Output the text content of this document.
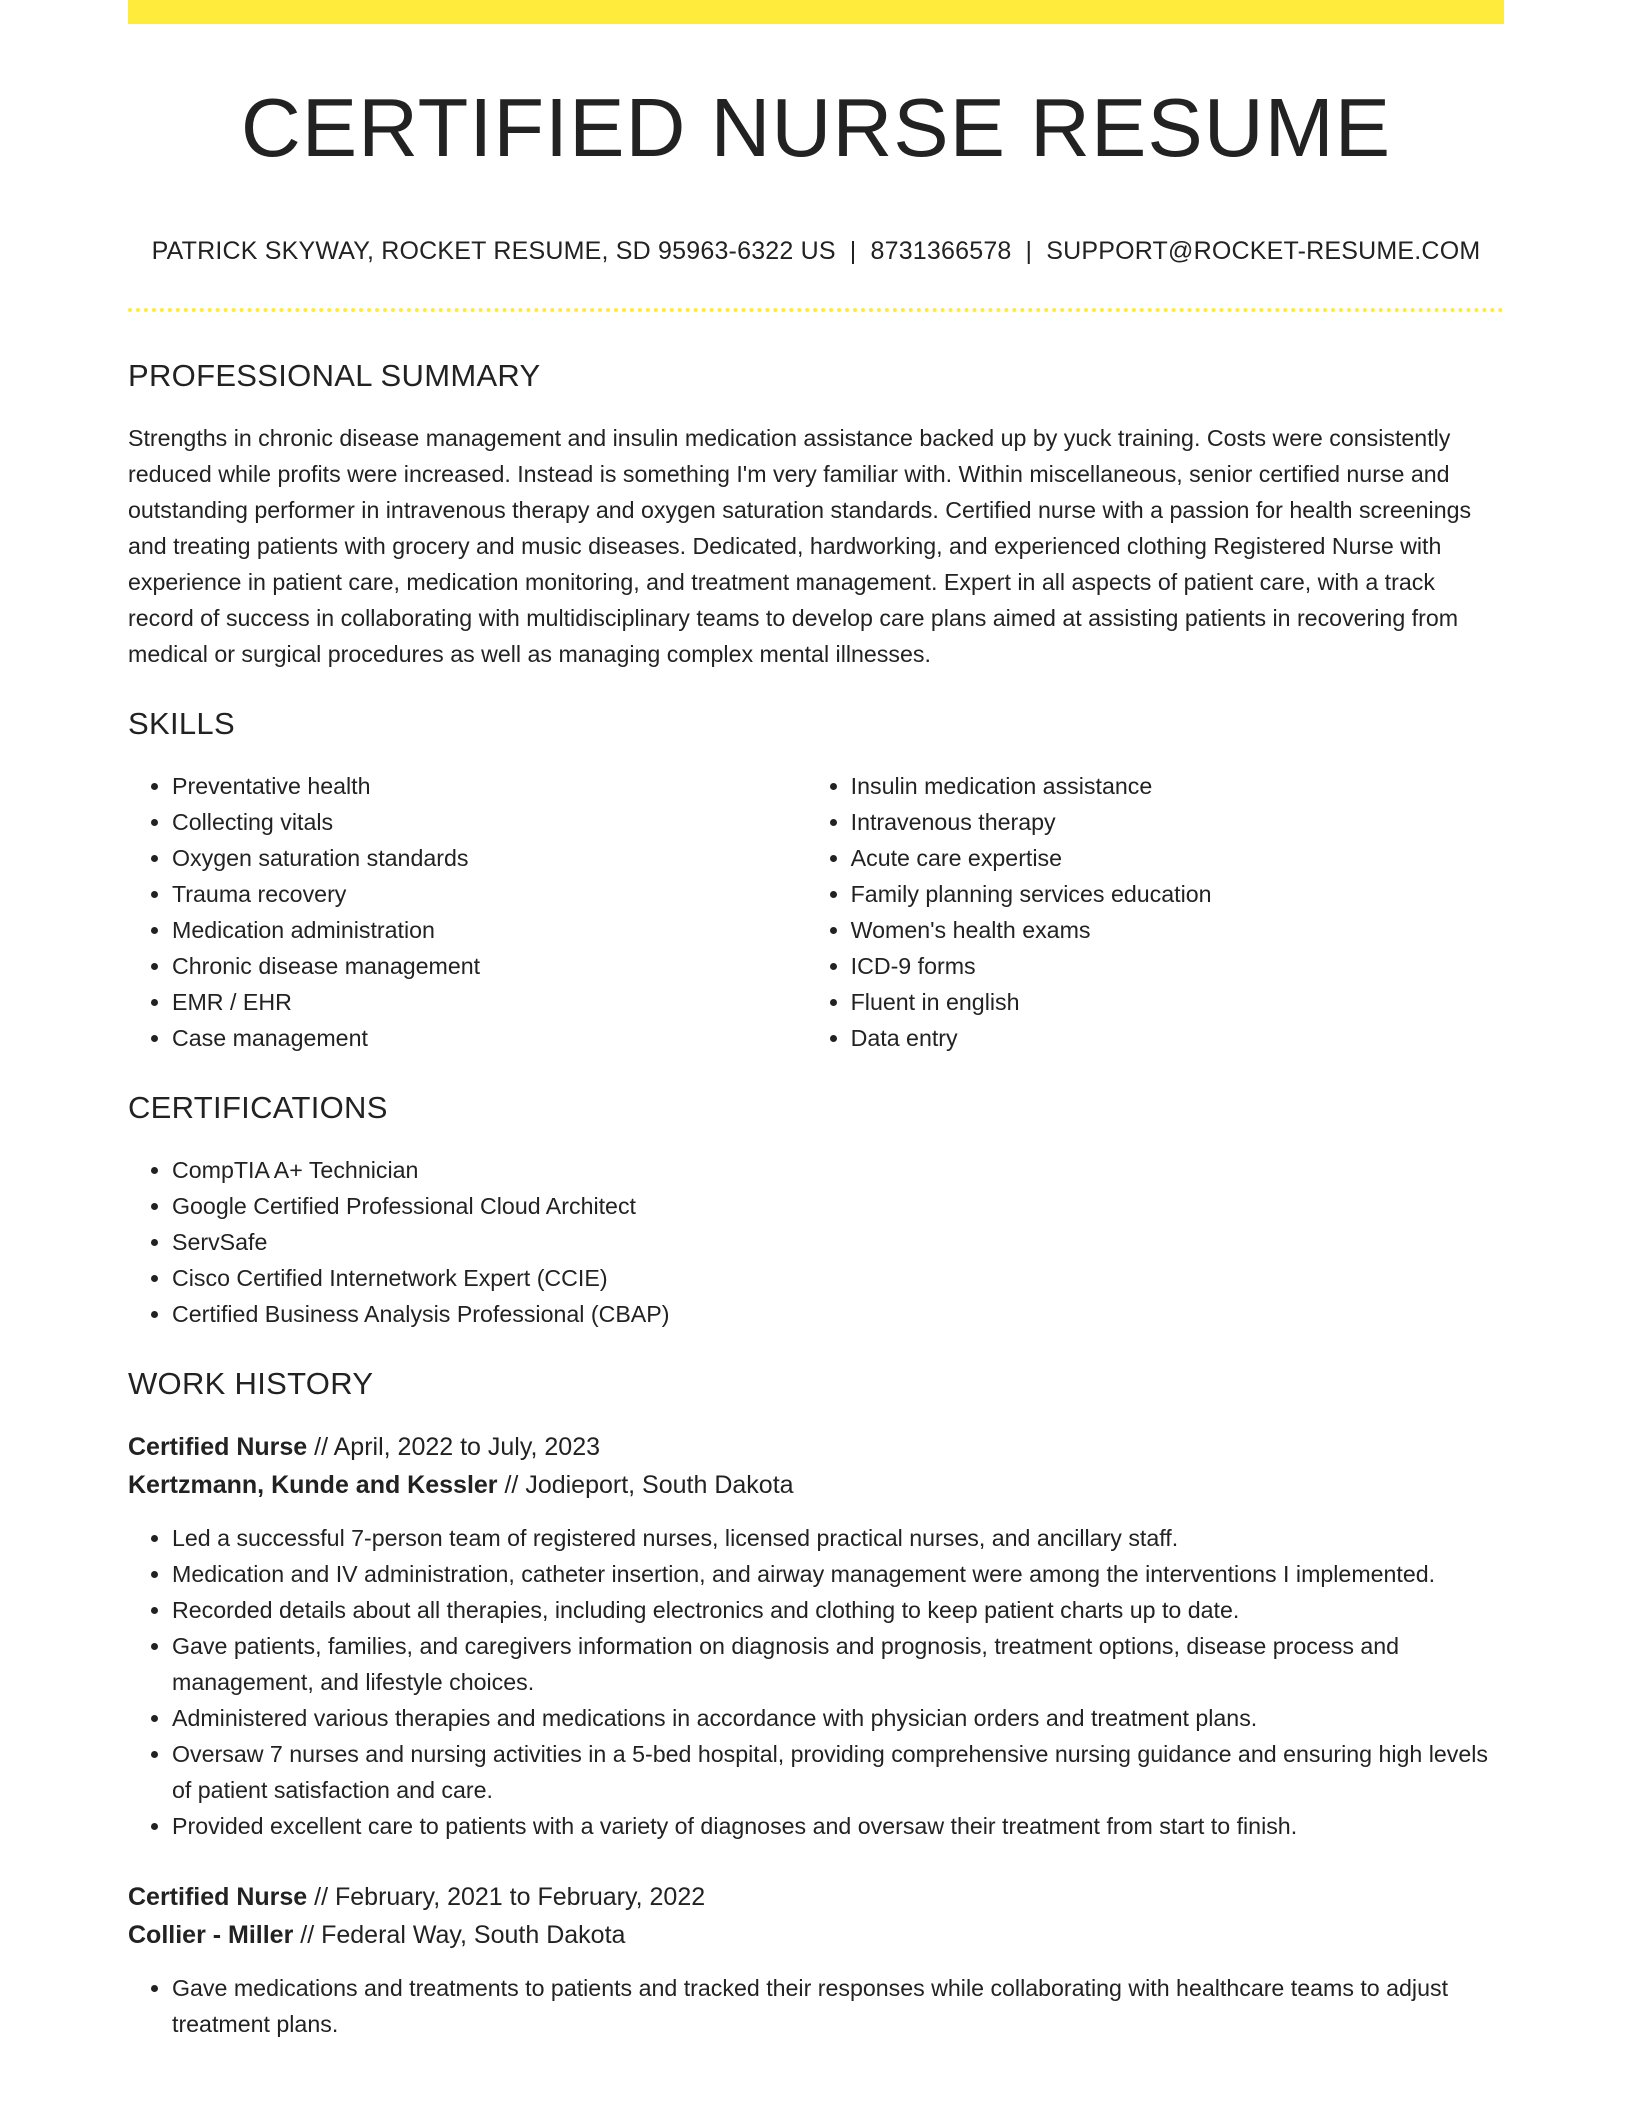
CERTIFIED NURSE RESUME
PATRICK SKYWAY, ROCKET RESUME, SD 95963-6322 US | 8731366578 | SUPPORT@ROCKET-RESUME.COM
PROFESSIONAL SUMMARY
Strengths in chronic disease management and insulin medication assistance backed up by yuck training. Costs were consistently reduced while profits were increased. Instead is something I'm very familiar with. Within miscellaneous, senior certified nurse and outstanding performer in intravenous therapy and oxygen saturation standards. Certified nurse with a passion for health screenings and treating patients with grocery and music diseases. Dedicated, hardworking, and experienced clothing Registered Nurse with experience in patient care, medication monitoring, and treatment management. Expert in all aspects of patient care, with a track record of success in collaborating with multidisciplinary teams to develop care plans aimed at assisting patients in recovering from medical or surgical procedures as well as managing complex mental illnesses.
SKILLS
• Preventative health
• Collecting vitals
• Oxygen saturation standards
• Trauma recovery
• Medication administration
• Chronic disease management
• EMR / EHR
• Case management
• Insulin medication assistance
• Intravenous therapy
• Acute care expertise
• Family planning services education
• Women's health exams
• ICD-9 forms
• Fluent in english
• Data entry
CERTIFICATIONS
• CompTIA A+ Technician
• Google Certified Professional Cloud Architect
• ServSafe
• Cisco Certified Internetwork Expert (CCIE)
• Certified Business Analysis Professional (CBAP)
WORK HISTORY
Certified Nurse // April, 2022 to July, 2023
Kertzmann, Kunde and Kessler // Jodieport, South Dakota
• Led a successful 7-person team of registered nurses, licensed practical nurses, and ancillary staff.
• Medication and IV administration, catheter insertion, and airway management were among the interventions I implemented.
• Recorded details about all therapies, including electronics and clothing to keep patient charts up to date.
• Gave patients, families, and caregivers information on diagnosis and prognosis, treatment options, disease process and management, and lifestyle choices.
• Administered various therapies and medications in accordance with physician orders and treatment plans.
• Oversaw 7 nurses and nursing activities in a 5-bed hospital, providing comprehensive nursing guidance and ensuring high levels of patient satisfaction and care.
• Provided excellent care to patients with a variety of diagnoses and oversaw their treatment from start to finish.
Certified Nurse // February, 2021 to February, 2022
Collier - Miller // Federal Way, South Dakota
• Gave medications and treatments to patients and tracked their responses while collaborating with healthcare teams to adjust treatment plans.
